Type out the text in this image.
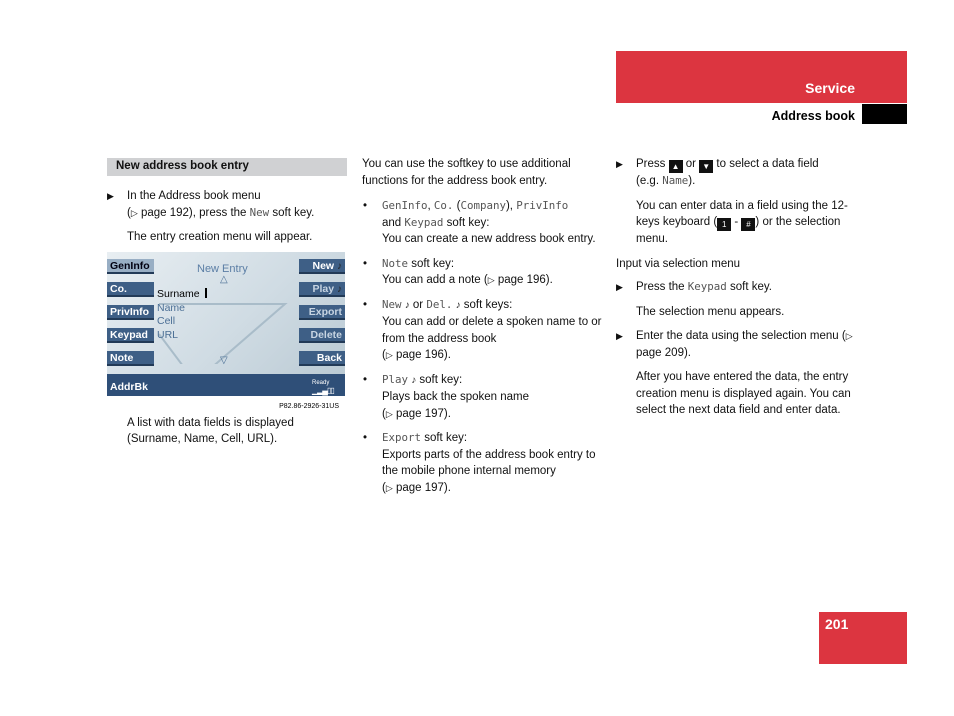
Service
Address book
New address book entry
▶ In the Address book menu
(▷ page 192), press the New soft key.

The entry creation menu will appear.

GenInfo
Co.
PrivInfo
Keypad
Note
New ♪
Play ♪
Export
Delete
Back
New Entry
△
Surname
Name
Cell
URL
▽
AddrBk	Ready
▁▂▄▯▯
P82.86-2926-31US

A list with data fields is displayed
(Surname, Name, Cell, URL).

You can use the softkey to use additional functions for the address book entry.

• GenInfo, Co. (Company), PrivInfo
and Keypad soft key:
You can create a new address book entry.
• Note soft key:
You can add a note (▷ page 196).
• New ♪ or Del. ♪ soft keys:
You can add or delete a spoken name to or from the address book
(▷ page 196).
• Play ♪ soft key:
Plays back the spoken name
(▷ page 197).
• Export soft key:
Exports parts of the address book entry to the mobile phone internal memory
(▷ page 197).
▶ Press ▲ or ▼ to select a data field
(e.g. Name).

You can enter data in a field using the 12-keys keyboard ( 1 - # ) or the selection menu.

Input via selection menu

▶ Press the Keypad soft key.

The selection menu appears.

▶ Enter the data using the selection menu (▷ page 209).

After you have entered the data, the entry creation menu is displayed again. You can select the next data field and enter data.

201
